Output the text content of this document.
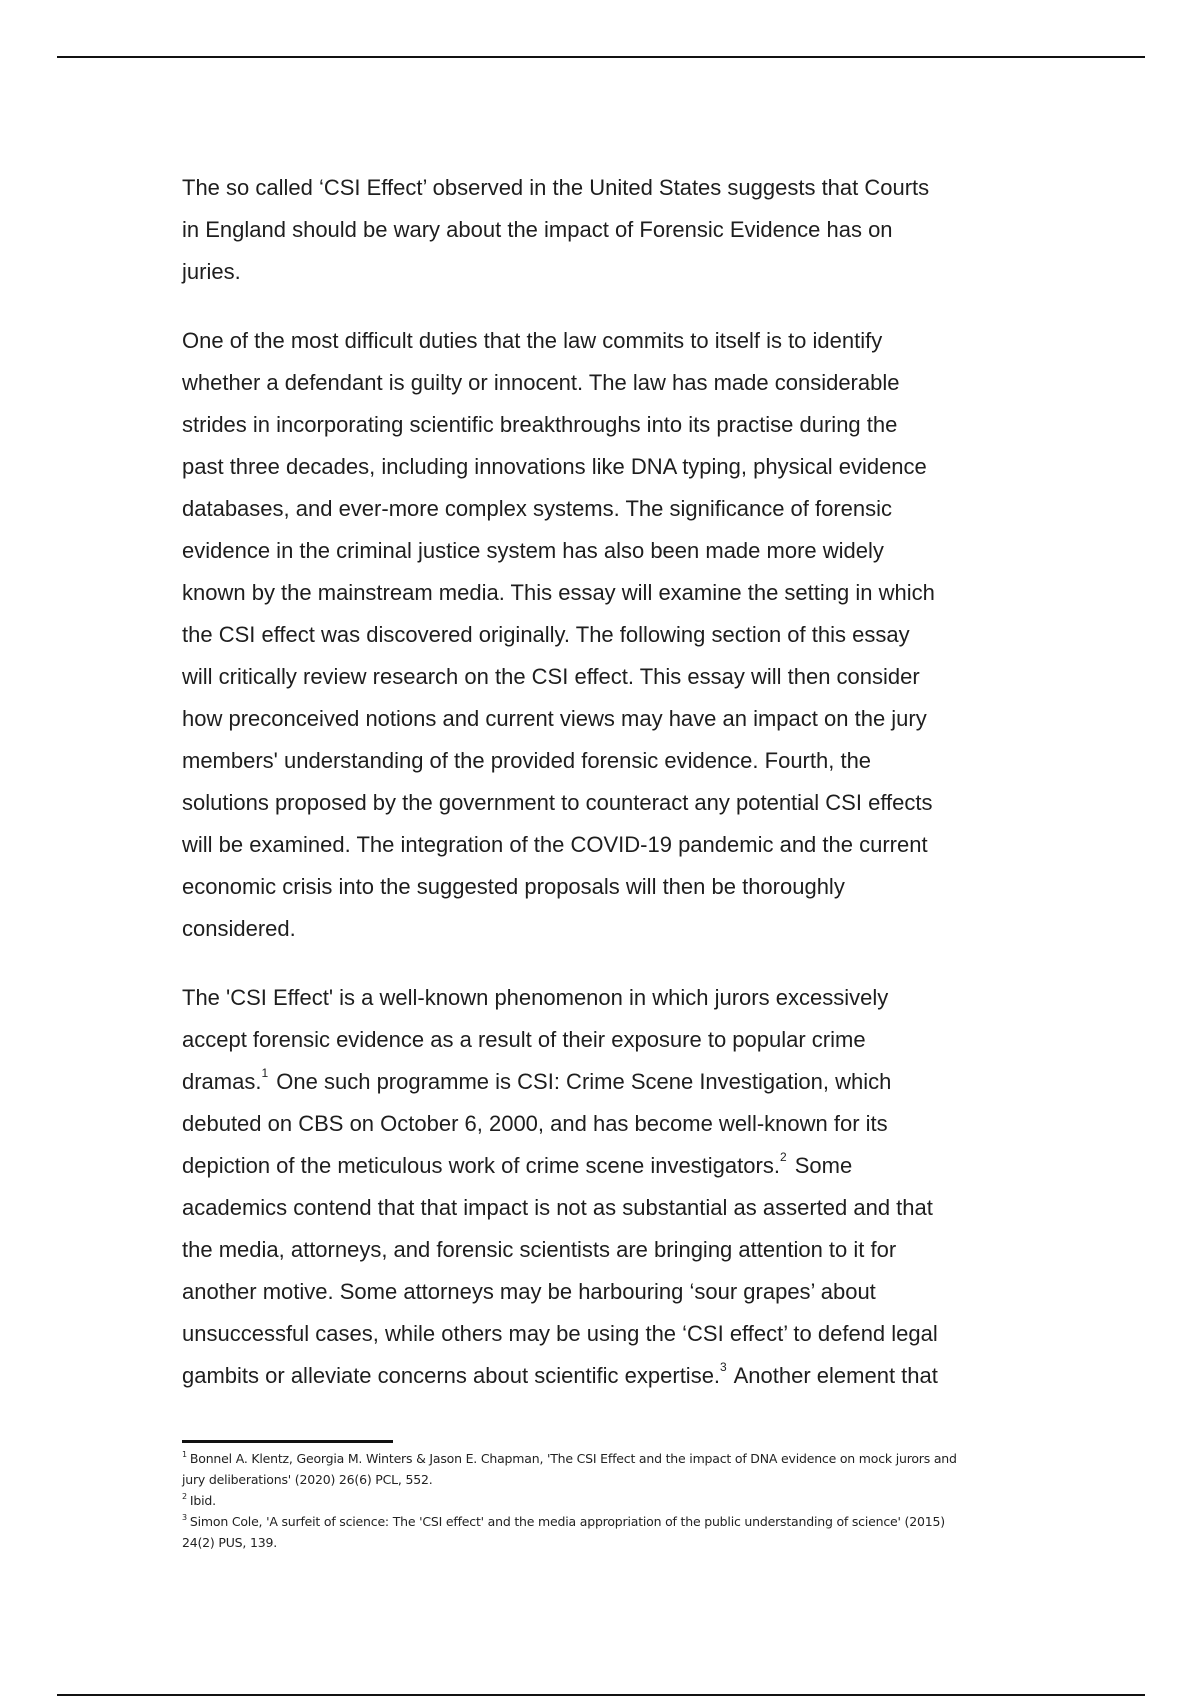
The so called ‘CSI Effect’ observed in the United States suggests that Courts
in England should be wary about the impact of Forensic Evidence has on
juries.

One of the most difficult duties that the law commits to itself is to identify
whether a defendant is guilty or innocent. The law has made considerable
strides in incorporating scientific breakthroughs into its practise during the
past three decades, including innovations like DNA typing, physical evidence
databases, and ever-more complex systems. The significance of forensic
evidence in the criminal justice system has also been made more widely
known by the mainstream media. This essay will examine the setting in which
the CSI effect was discovered originally. The following section of this essay
will critically review research on the CSI effect. This essay will then consider
how preconceived notions and current views may have an impact on the jury
members' understanding of the provided forensic evidence. Fourth, the
solutions proposed by the government to counteract any potential CSI effects
will be examined. The integration of the COVID-19 pandemic and the current
economic crisis into the suggested proposals will then be thoroughly
considered.

The 'CSI Effect' is a well-known phenomenon in which jurors excessively
accept forensic evidence as a result of their exposure to popular crime
dramas.1 One such programme is CSI: Crime Scene Investigation, which
debuted on CBS on October 6, 2000, and has become well-known for its
depiction of the meticulous work of crime scene investigators.2 Some
academics contend that that impact is not as substantial as asserted and that
the media, attorneys, and forensic scientists are bringing attention to it for
another motive. Some attorneys may be harbouring ‘sour grapes’ about
unsuccessful cases, while others may be using the ‘CSI effect’ to defend legal
gambits or alleviate concerns about scientific expertise.3 Another element that

1 Bonnel A. Klentz, Georgia M. Winters & Jason E. Chapman, 'The CSI Effect and the impact of DNA evidence on mock jurors and
jury deliberations' (2020) 26(6) PCL, 552.

2 Ibid.

3 Simon Cole, 'A surfeit of science: The 'CSI effect' and the media appropriation of the public understanding of science' (2015)
24(2) PUS, 139.
